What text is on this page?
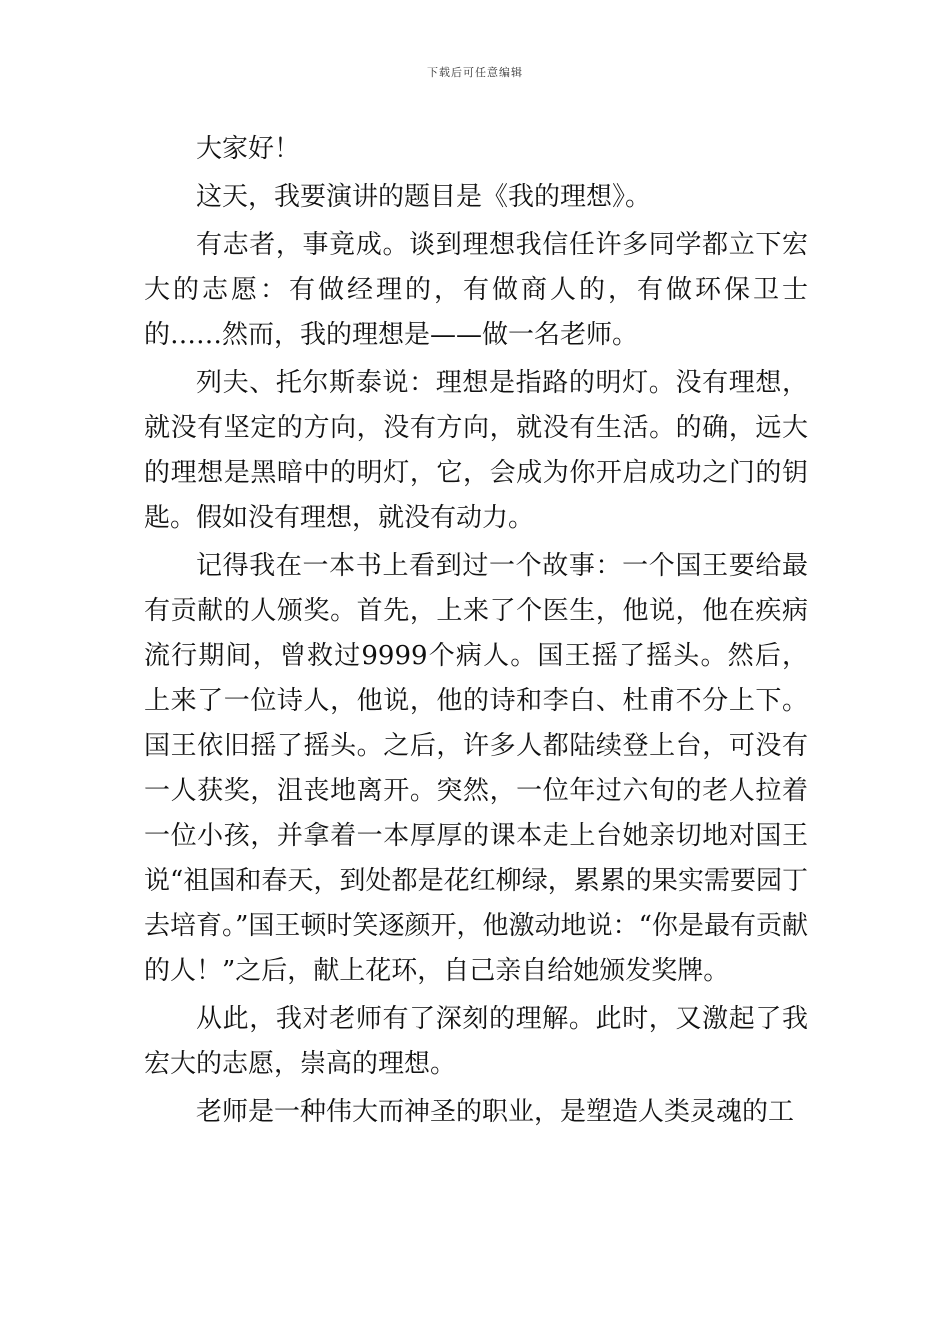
下载后可任意编辑

大家好！

这天，我要演讲的题目是《我的理想》。

有志者，事竟成。谈到理想我信任许多同学都立下宏大的志愿：有做经理的，有做商人的，有做环保卫士的……然而，我的理想是——做一名老师。

列夫、托尔斯泰说：理想是指路的明灯。没有理想，就没有坚定的方向，没有方向，就没有生活。的确，远大的理想是黑暗中的明灯，它，会成为你开启成功之门的钥匙。假如没有理想，就没有动力。

记得我在一本书上看到过一个故事：一个国王要给最有贡献的人颁奖。首先，上来了个医生，他说，他在疾病流行期间，曾救过9999个病人。国王摇了摇头。然后，上来了一位诗人，他说，他的诗和李白、杜甫不分上下。国王依旧摇了摇头。之后，许多人都陆续登上台，可没有一人获奖，沮丧地离开。突然，一位年过六旬的老人拉着一位小孩，并拿着一本厚厚的课本走上台她亲切地对国王说“祖国和春天，到处都是花红柳绿，累累的果实需要园丁去培育。”国王顿时笑逐颜开，他激动地说：“你是最有贡献的人！”之后，献上花环，自己亲自给她颁发奖牌。

从此，我对老师有了深刻的理解。此时，又激起了我宏大的志愿，崇高的理想。

老师是一种伟大而神圣的职业，是塑造人类灵魂的工
